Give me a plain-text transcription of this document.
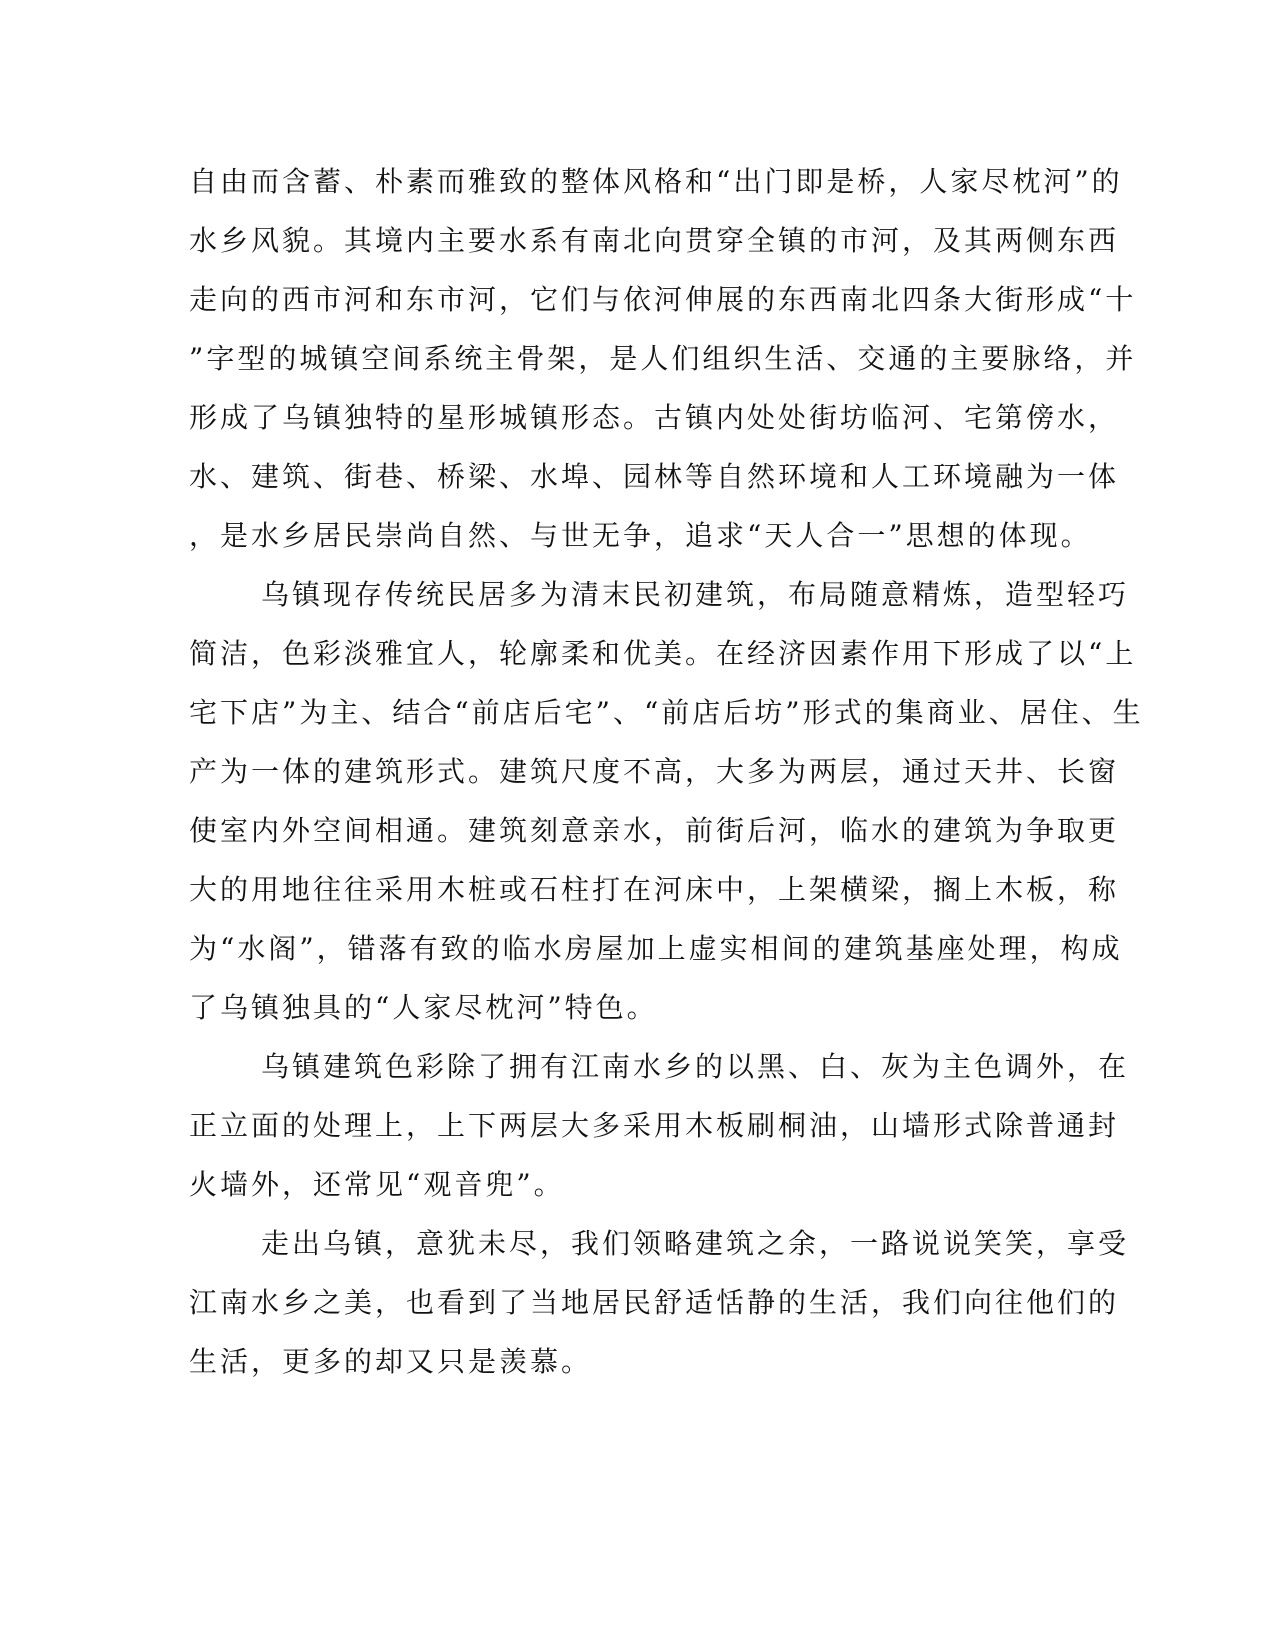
自由而含蓄、朴素而雅致的整体风格和“出门即是桥，人家尽枕河”的
水乡风貌。其境内主要水系有南北向贯穿全镇的市河，及其两侧东西
走向的西市河和东市河，它们与依河伸展的东西南北四条大街形成“十
”字型的城镇空间系统主骨架，是人们组织生活、交通的主要脉络，并
形成了乌镇独特的星形城镇形态。古镇内处处街坊临河、宅第傍水，
水、建筑、街巷、桥梁、水埠、园林等自然环境和人工环境融为一体
，是水乡居民崇尚自然、与世无争，追求“天人合一”思想的体现。
乌镇现存传统民居多为清末民初建筑，布局随意精炼，造型轻巧
简洁，色彩淡雅宜人，轮廓柔和优美。在经济因素作用下形成了以“上
宅下店”为主、结合“前店后宅”、“前店后坊”形式的集商业、居住、生
产为一体的建筑形式。建筑尺度不高，大多为两层，通过天井、长窗
使室内外空间相通。建筑刻意亲水，前街后河，临水的建筑为争取更
大的用地往往采用木桩或石柱打在河床中，上架横梁，搁上木板，称
为“水阁”，错落有致的临水房屋加上虚实相间的建筑基座处理，构成
了乌镇独具的“人家尽枕河”特色。
乌镇建筑色彩除了拥有江南水乡的以黑、白、灰为主色调外，在
正立面的处理上，上下两层大多采用木板刷桐油，山墙形式除普通封
火墙外，还常见“观音兜”。
走出乌镇，意犹未尽，我们领略建筑之余，一路说说笑笑，享受
江南水乡之美，也看到了当地居民舒适恬静的生活，我们向往他们的
生活，更多的却又只是羡慕。
